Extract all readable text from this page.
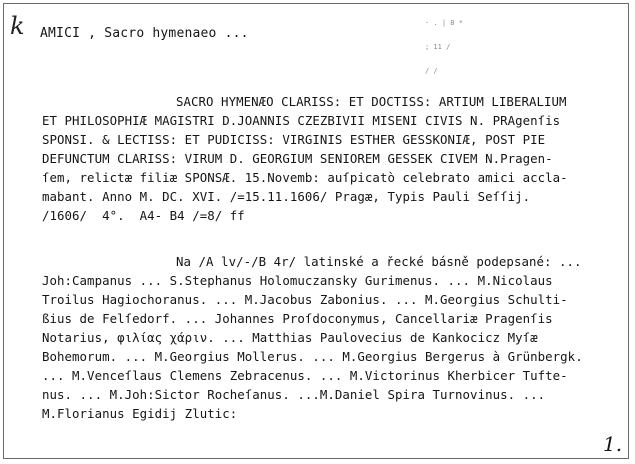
k AMICI , Sacro hymenaeo ...

· . | 8 *

; 11 /

/ /

SACRO HYMENÆO CLARISS: ET DOCTISS: ARTIUM LIBERALIUM
ET PHILOSOPHIÆ MAGISTRI D.JOANNIS CZEZBIVII MISENI CIVIS N. PRAgenſis
SPONSI. & LECTISS: ET PUDICISS: VIRGINIS ESTHER GESSKONIÆ, POST PIE
DEFUNCTUM CLARISS: VIRUM D. GEORGIUM SENIOREM GESSEK CIVEM N.Pragen-
ſem, relictæ filiæ SPONSÆ. 15.Novemb: auſpicatò celebrato amici accla-
mabant. Anno M. DC. XVI. /=15.11.1606/ Pragæ, Typis Pauli Seſſij.
/1606/  4°.  A4- B4 /=8/ ff
Na /A lv/-/B 4r/ latinské a řecké básně podepsané: ...
Joh:Campanus ... S.Stephanus Holomuczansky Gurimenus. ... M.Nicolaus
Troilus Hagiochoranus. ... M.Jacobus Zabonius. ... M.Georgius Schulti-
ßius de Felſedorf. ... Johannes Proſdoconymus, Cancellariæ Pragenſis
Notarius, φιλίας χάριν. ... Matthias Paulovecius de Kankocicz Myſæ
Bohemorum. ... M.Georgius Mollerus. ... M.Georgius Bergerus à Grünbergk.
... M.Venceſlaus Clemens Zebracenus. ... M.Victorinus Kherbicer Tufte-
nus. ... M.Joh:Sictor Rocheſanus. ...M.Daniel Spira Turnovinus. ...
M.Florianus Egidij Zlutic:
1.
